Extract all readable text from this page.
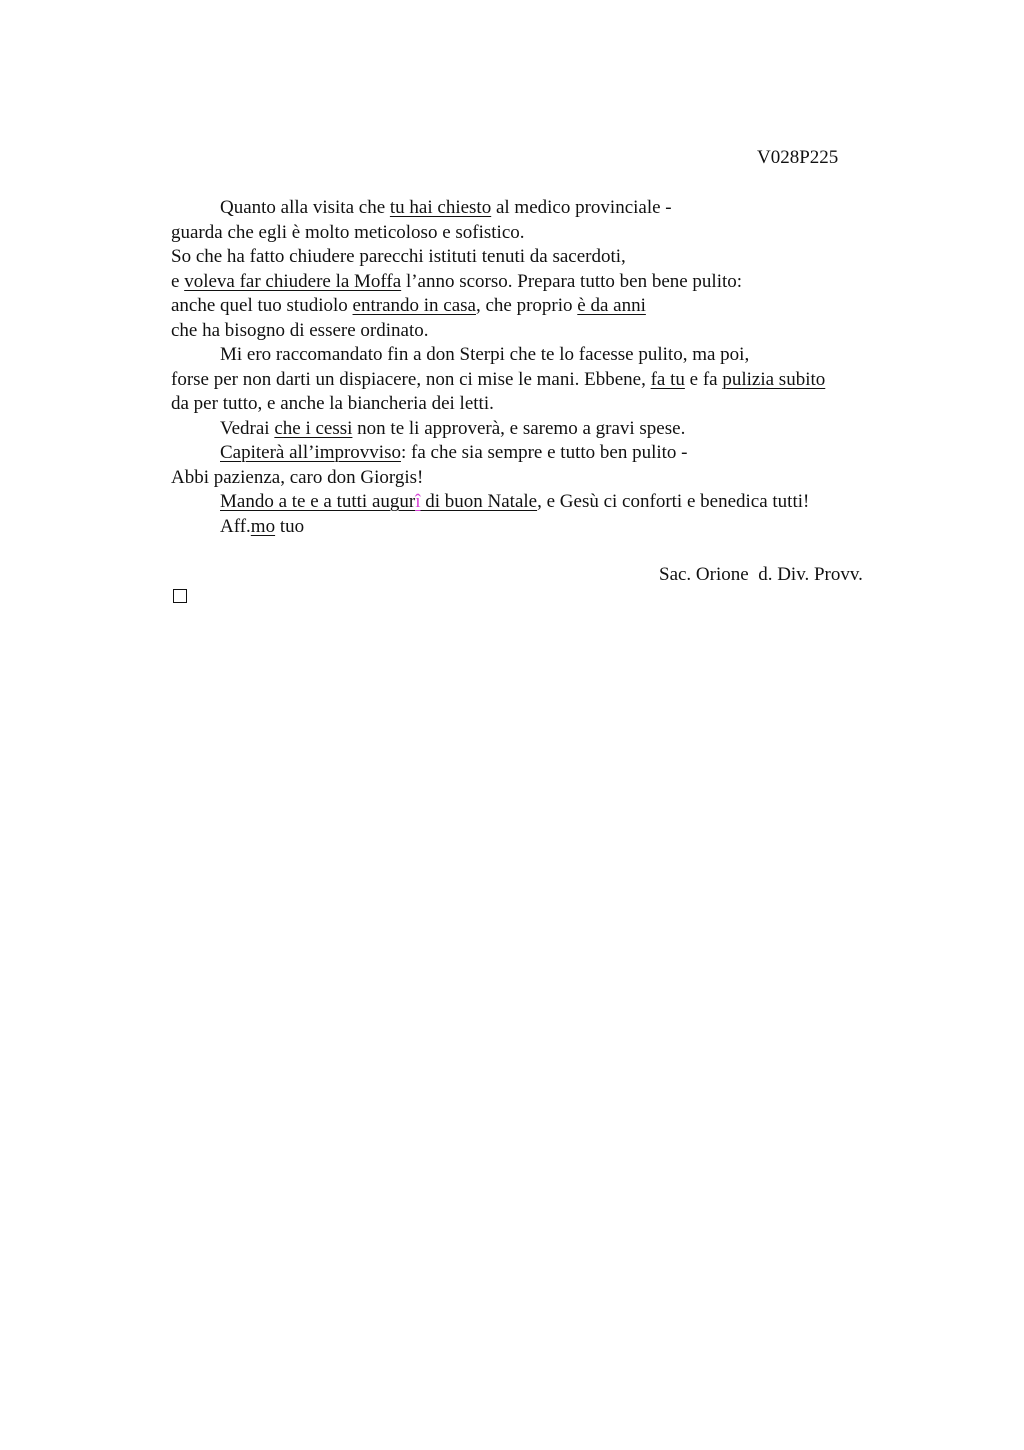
V028P225
Quanto alla visita che tu hai chiesto al medico provinciale -
guarda che egli è molto meticoloso e sofistico.
So che ha fatto chiudere parecchi istituti tenuti da sacerdoti,
e voleva far chiudere la Moffa l’anno scorso. Prepara tutto ben bene pulito:
anche quel tuo studiolo entrando in casa, che proprio è da anni
che ha bisogno di essere ordinato.
Mi ero raccomandato fin a don Sterpi che te lo facesse pulito, ma poi,
forse per non darti un dispiacere, non ci mise le mani. Ebbene, fa tu e fa pulizia subito
da per tutto, e anche la biancheria dei letti.
Vedrai che i cessi non te li approverà, e saremo a gravi spese.
Capiterà all’improvviso: fa che sia sempre e tutto ben pulito -
Abbi pazienza, caro don Giorgis!
Mando a te e a tutti augurî di buon Natale, e Gesù ci conforti e benedica tutti!
Aff.mo tuo
Sac. Orione  d. Div. Provv.
